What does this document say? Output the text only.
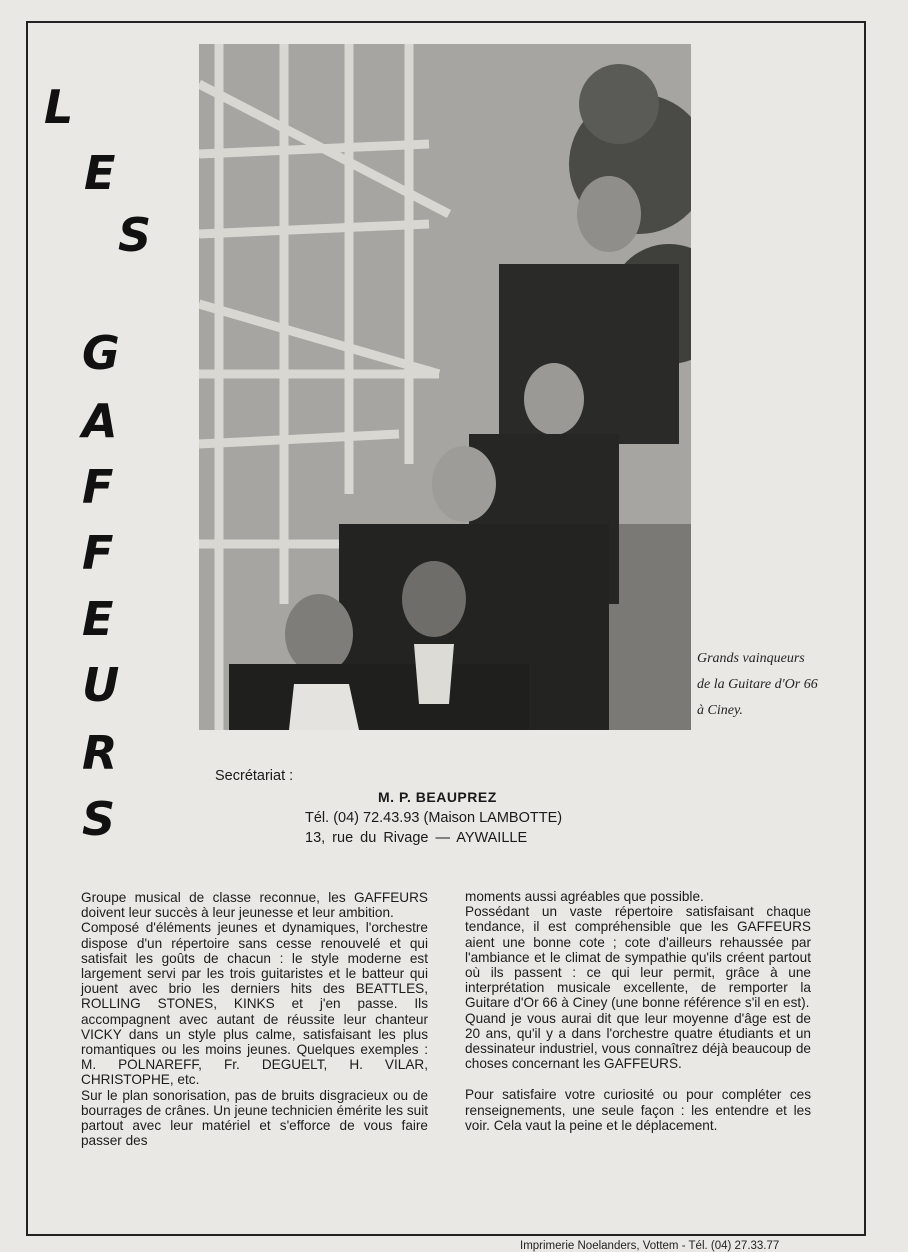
L
E
S
G
A
F
F
E
U
R
S
Grands vainqueurs
de la Guitare d'Or 66
à Ciney.
Secrétariat :
M. P. BEAUPREZ
Tél. (04) 72.43.93 (Maison LAMBOTTE)
13, rue du Rivage — AYWAILLE

Groupe musical de classe reconnue, les GAFFEURS doivent leur succès à leur jeunesse et leur ambition.

Composé d'éléments jeunes et dynamiques, l'orchestre dispose d'un répertoire sans cesse renouvelé et qui satisfait les goûts de chacun : le style moderne est largement servi par les trois guitaristes et le batteur qui jouent avec brio les derniers hits des BEATTLES, ROLLING STONES, KINKS et j'en passe. Ils accompagnent avec autant de réussite leur chanteur VICKY dans un style plus calme, satisfaisant les plus romantiques ou les moins jeunes. Quelques exemples : M. POLNAREFF, Fr. DEGUELT, H. VILAR, CHRISTOPHE, etc.

Sur le plan sonorisation, pas de bruits disgracieux ou de bourrages de crânes. Un jeune technicien émérite les suit partout avec leur matériel et s'efforce de vous faire passer des

moments aussi agréables que possible.

Possédant un vaste répertoire satisfaisant chaque tendance, il est compréhensible que les GAFFEURS aient une bonne cote ; cote d'ailleurs rehaussée par l'ambiance et le climat de sympathie qu'ils créent partout où ils passent : ce qui leur permit, grâce à une interprétation musicale excellente, de remporter la Guitare d'Or 66 à Ciney (une bonne référence s'il en est).

Quand je vous aurai dit que leur moyenne d'âge est de 20 ans, qu'il y a dans l'orchestre quatre étudiants et un dessinateur industriel, vous connaîtrez déjà beaucoup de choses concernant les GAFFEURS.

Pour satisfaire votre curiosité ou pour compléter ces renseignements, une seule façon : les entendre et les voir. Cela vaut la peine et le déplacement.

Imprimerie Noelanders, Vottem - Tél. (04) 27.33.77
